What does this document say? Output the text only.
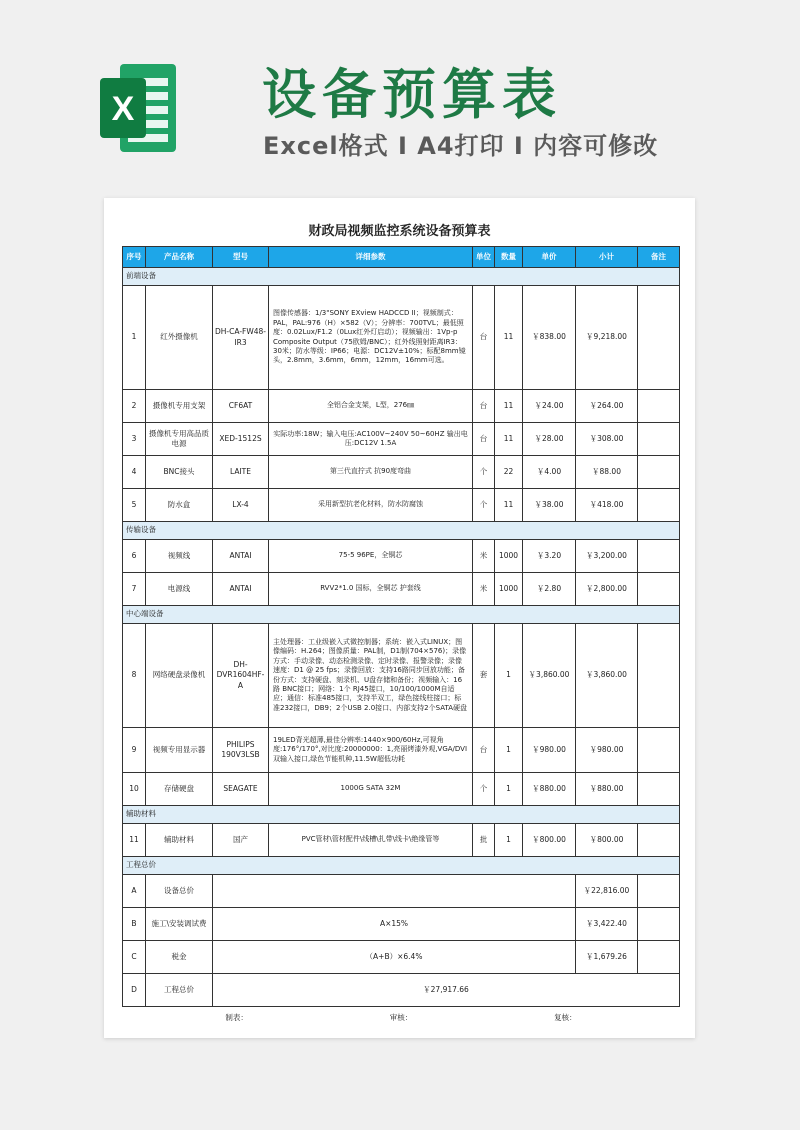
X 设备预算表
Excel格式 I A4打印 I 内容可修改
财政局视频监控系统设备预算表
序号	产品名称	型号	详细参数	单位	数量	单价	小计	备注
前端设备								
1	红外摄像机	DH-CA-FW48-IR3	图像传感器：1/3"SONY EXview HADCCD II；视频制式： PAL，PAL:976（H）×582（V）；分辨率：700TVL；最低照度：0.02Lux/F1.2（0Lux红外灯启动）；视频输出：1Vp-p Composite Output（75欧姆/BNC）；红外线照射距离IR3：30米；防水等级：IP66；电源：DC12V±10%；标配8mm镜头，2.8mm，3.6mm，6mm，12mm，16mm可选。	台	11	￥838.00	￥9,218.00	
2	摄像机专用支架	CF6AT	全铝合金支架，L型，276㎜	台	11	￥24.00	￥264.00	
3	摄像机专用高品质电源	XED-1512S	实际功率:18W；输入电压:AC100V~240V 50~60HZ 输出电压:DC12V 1.5A	台	11	￥28.00	￥308.00	
4	BNC接头	LAITE	第三代直拧式 抗90度弯曲	个	22	￥4.00	￥88.00	
5	防水盒	LX-4	采用新型抗老化材料，防水防腐蚀	个	11	￥38.00	￥418.00	
传输设备								
6	视频线	ANTAI	75-5 96PE，全铜芯	米	1000	￥3.20	￥3,200.00	
7	电源线	ANTAI	RVV2*1.0 国标，全铜芯 护套线	米	1000	￥2.80	￥2,800.00	
中心端设备								
8	网络硬盘录像机	DH-DVR1604HF-A	主处理器：工业级嵌入式微控制器；系统：嵌入式LINUX；图像编码：H.264；图像质量：PAL制，D1制(704×576)；录像方式：手动录像、动态检测录像、定时录像、报警录像；录像速度：D1 @ 25 fps；录像回放：支持16路同步回放功能；备份方式：支持硬盘、刻录机、U盘存储和备份；视频输入：16路 BNC接口；网络：1个 RJ45接口，10/100/1000M自适应；通信：标准485接口，支持半双工，绿色接线柱接口；标准232接口，DB9；2个USB 2.0接口、内部支持2个SATA硬盘	套	1	￥3,860.00	￥3,860.00	
9	视频专用显示器	PHILIPS 190V3LSB	19LED背光超薄,最佳分辨率:1440×900/60Hz,可视角度:176°/170°,对比度:20000000：1,亮丽烤漆外观,VGA/DVI 双输入接口,绿色节能机种,11.5W超低功耗	台	1	￥980.00	￥980.00	
10	存储硬盘	SEAGATE	1000G SATA 32M	个	1	￥880.00	￥880.00	
辅助材料								
11	辅助材料	国产	PVC管材\管材配件\线槽\扎带\线卡\绝缘管等	批	1	￥800.00	￥800.00	
工程总价								
A	设备总价						￥22,816.00	
B	施工\安装调试费	A×15%					￥3,422.40	
C	税金	（A+B）×6.4%					￥1,679.26	
D	工程总价	￥27,917.66						

制表： 审核： 复核：								
